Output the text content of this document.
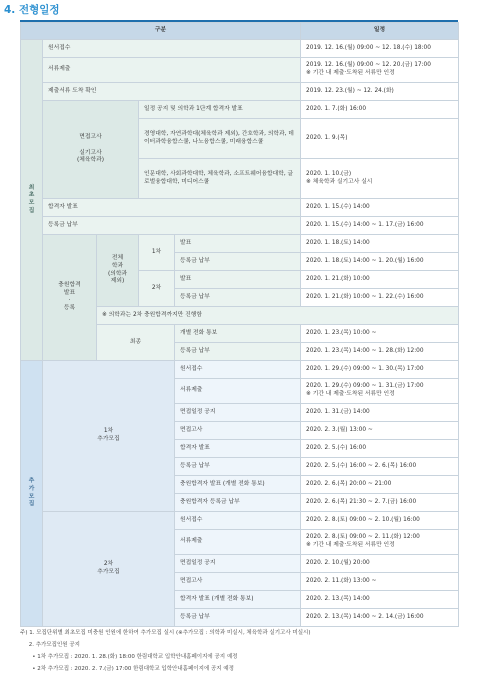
4. 전형일정
구분					일정
최
초
모
집	원서접수				2019. 12. 16.(월) 09:00 ~ 12. 18.(수) 18:00
	서류제출				2019. 12. 16.(월) 09:00 ~ 12. 20.(금) 17:00
※ 기간 내 제출·도착된 서류만 인정

	제출서류 도착 확인				2019. 12. 23.(월) ~ 12. 24.(화)
	면접고사

실기고사
(체육학과)		일정 공지 및 의학과 1단계 합격자 발표		2020. 1. 7.(화) 16:00
			경영대학, 자연과학대(체육학과 제외), 간호학과, 의학과, 데이터과학융합스쿨, 나노융합스쿨, 미래융합스쿨		2020. 1. 9.(목)
			인문대학, 사회과학대학, 체육학과, 소프트웨어융합대학, 글로벌융합대학, 미디어스쿨		2020. 1. 10.(금)
※ 체육학과 실기고사 실시

	합격자 발표				2020. 1. 15.(수) 14:00
	등록금 납부				2020. 1. 15.(수) 14:00 ~ 1. 17.(금) 16:00
	충원합격
발표
·
등록	전체
학과
(의학과
제외)	1차	발표	2020. 1. 18.(토) 14:00
				등록금 납부	2020. 1. 18.(토) 14:00 ~ 1. 20.(월) 16:00
			2차	발표	2020. 1. 21.(화) 10:00
				등록금 납부	2020. 1. 21.(화) 10:00 ~ 1. 22.(수) 16:00
		※ 의학과는 2차 충원합격까지만 진행함			
		최종		개별 전화 통보	2020. 1. 23.(목) 10:00 ~
				등록금 납부	2020. 1. 23.(목) 14:00 ~ 1. 28.(화) 12:00
추
가
모
집	1차
추가모집			원서접수	2020. 1. 29.(수) 09:00 ~ 1. 30.(목) 17:00

				서류제출	2020. 1. 29.(수) 09:00 ~ 1. 31.(금) 17:00
※ 기간 내 제출·도착된 서류만 인정

				면접일정 공지	2020. 1. 31.(금) 14:00

				면접고사	2020. 2. 3.(월) 13:00 ~

				합격자 발표	2020. 2. 5.(수) 16:00

				등록금 납부	2020. 2. 5.(수) 16:00 ~ 2. 6.(목) 16:00

				충원합격자 발표 (개별 전화 통보)	2020. 2. 6.(목) 20:00 ~ 21:00

				충원합격자 등록금 납부	2020. 2. 6.(목) 21:30 ~ 2. 7.(금) 16:00

	2차
추가모집			원서접수	2020. 2. 8.(토) 09:00 ~ 2. 10.(월) 16:00

				서류제출	2020. 2. 8.(토) 09:00 ~ 2. 11.(화) 12:00
※ 기간 내 제출·도착된 서류만 인정

				면접일정 공지	2020. 2. 10.(월) 20:00

				면접고사	2020. 2. 11.(화) 13:00 ~

				합격자 발표 (개별 전화 통보)	2020. 2. 13.(목) 14:00

				등록금 납부	2020. 2. 13.(목) 14:00 ~ 2. 14.(금) 16:00
주) 1. 모집단위별 최초모집 미충원 인원에 한하여 추가모집 실시 (※추가모집 : 의학과 미실시, 체육학과 실기고사 미실시)
2. 추가모집인원 공지
• 1차 추가모집 : 2020. 1. 28.(화) 18:00 한림대학교 입학안내홈페이지에 공지 예정
• 2차 추가모집 : 2020. 2. 7.(금) 17:00 한림대학교 입학안내홈페이지에 공지 예정
